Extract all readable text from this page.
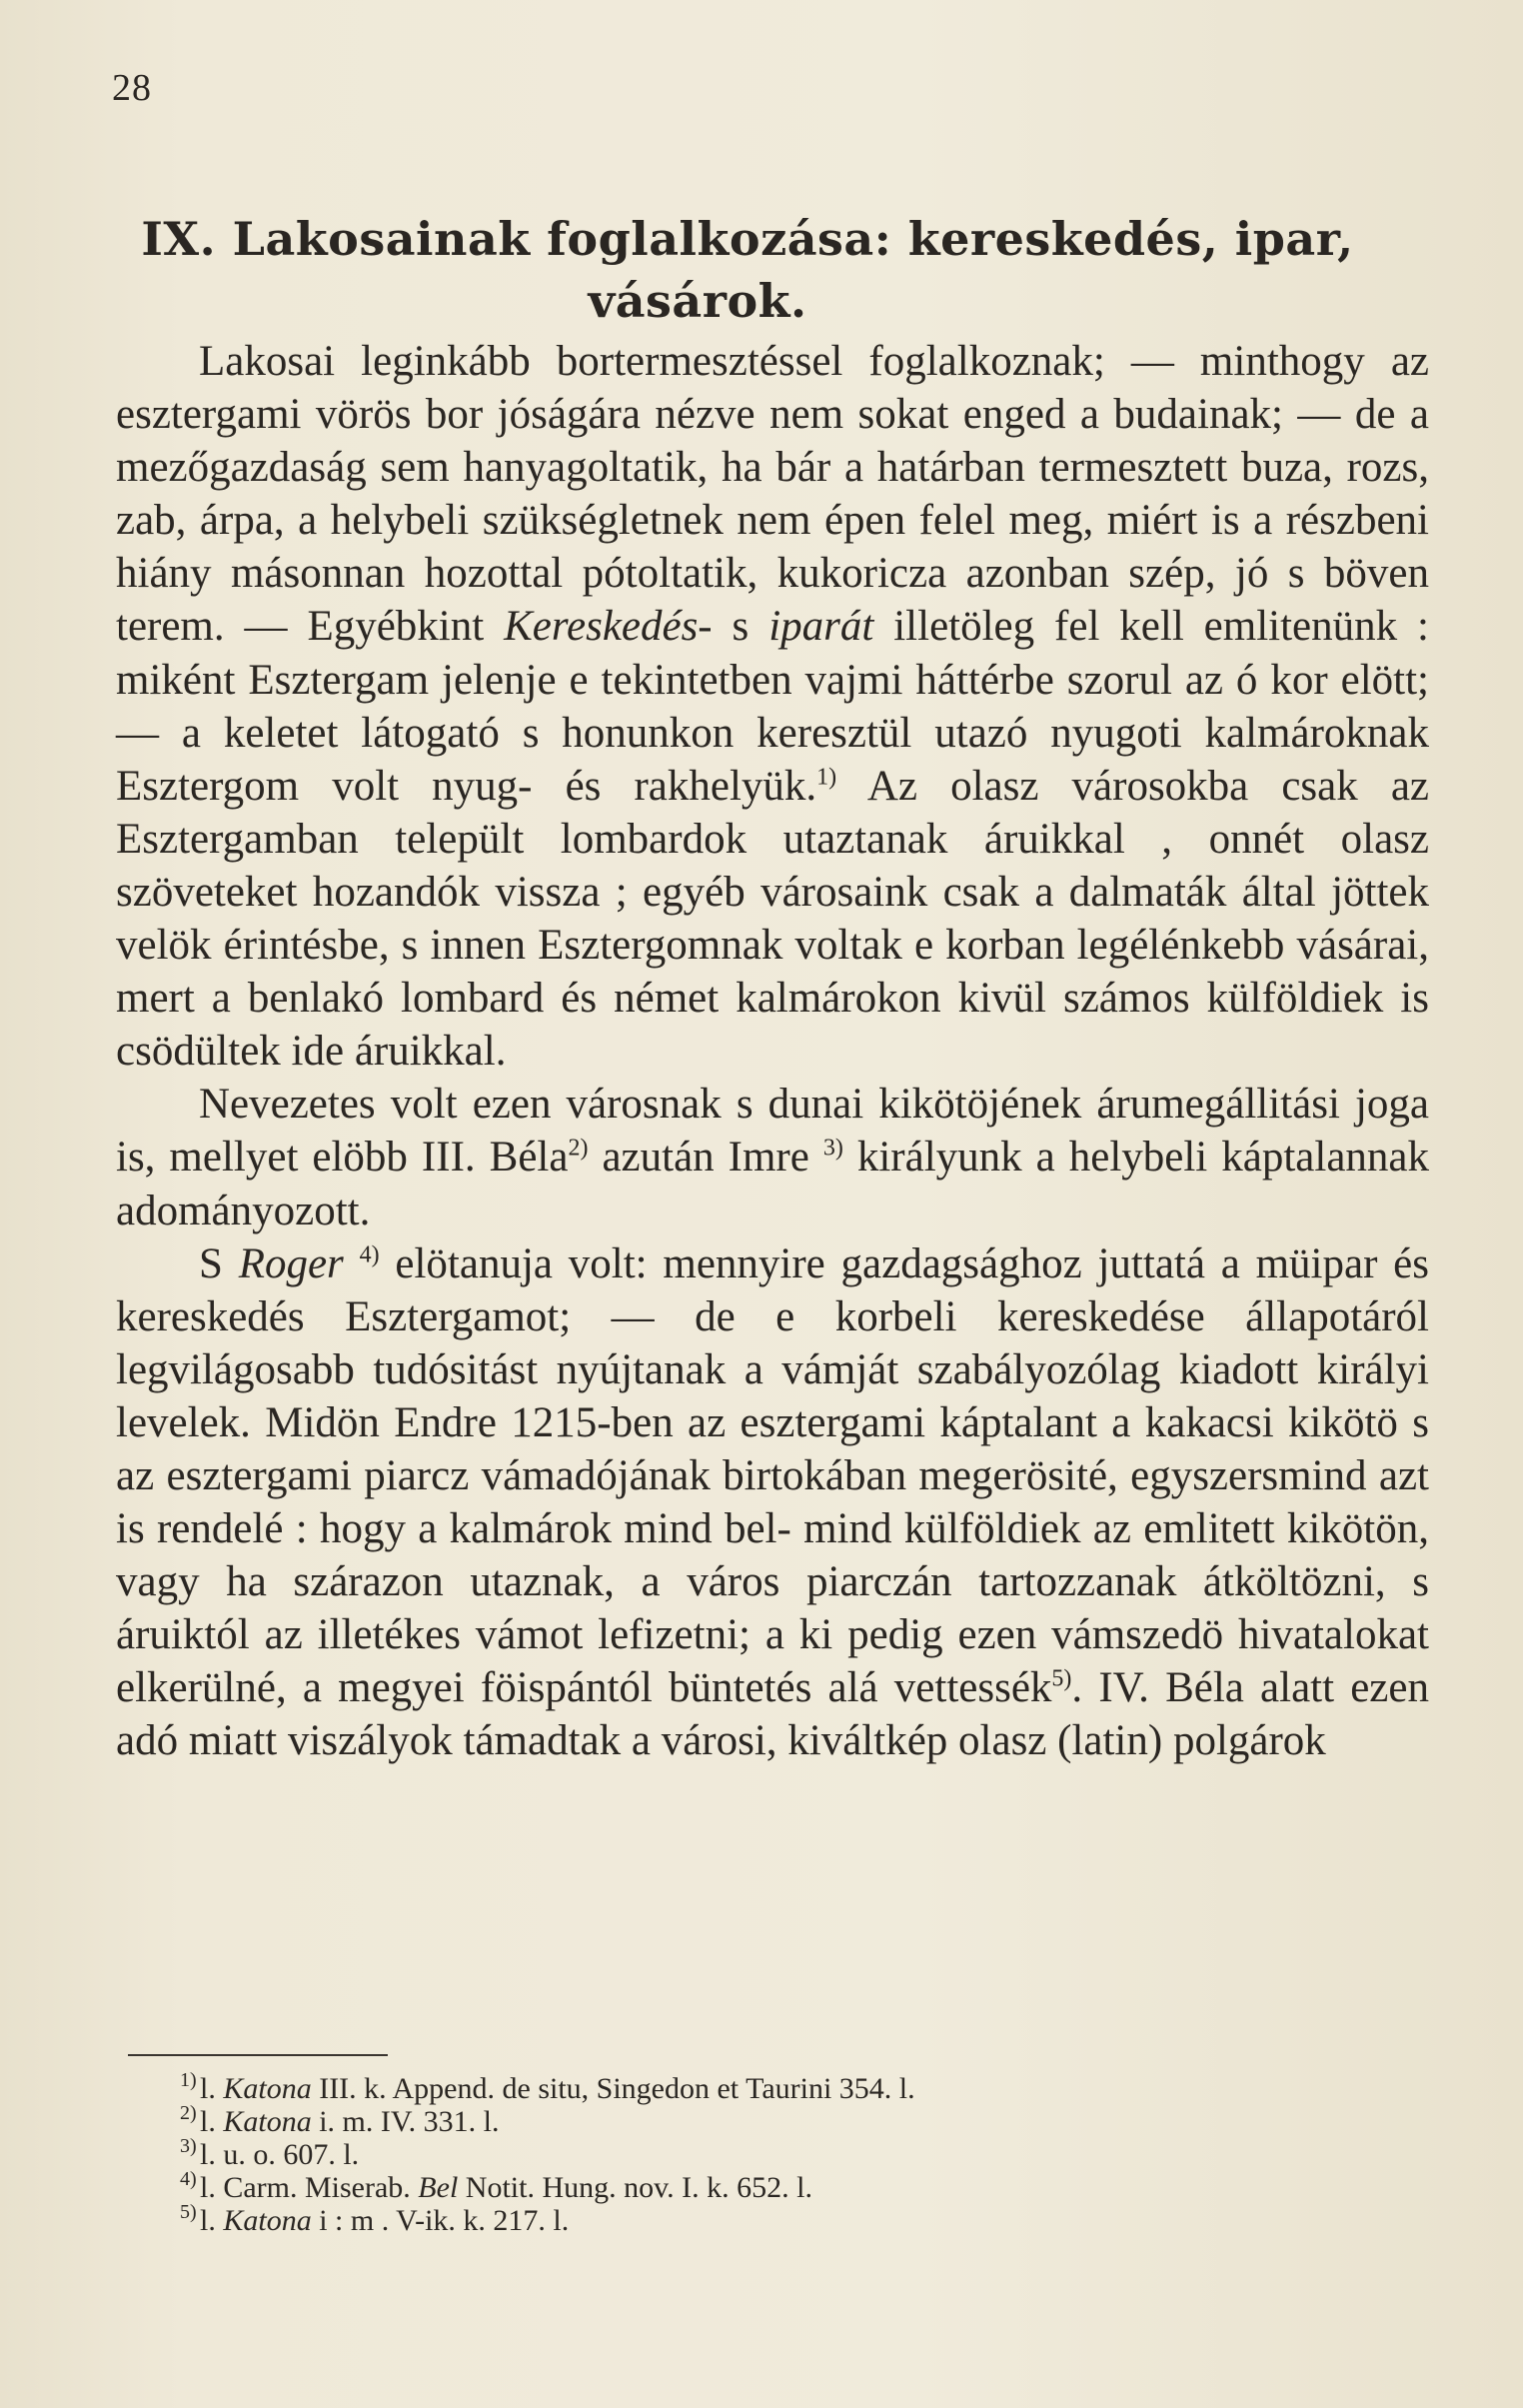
28
IX. Lakosainak foglalkozása: kereskedés, ipar,
vásárok.

Lakosai leginkább bortermesztéssel foglalkoznak; — minthogy az esztergami vörös bor jóságára nézve nem sokat enged a budainak; — de a mezőgazdaság sem hanyagoltatik, ha bár a határban termesztett buza, rozs, zab, árpa, a helybeli szükségletnek nem épen felel meg, miért is a részbeni hiány másonnan hozottal pótoltatik, kukoricza azonban szép, jó s böven terem. — Egyébkint Kereskedés- s iparát illetöleg fel kell emlitenünk : miként Esztergam jelenje e tekintetben vajmi háttérbe szorul az ó kor elött; — a keletet látogató s honunkon keresztül utazó nyugoti kalmároknak Esztergom volt nyug- és rakhelyük.$^{1)}$ Az olasz városokba csak az Esztergamban települt lombardok utaztanak áruikkal , onnét olasz szöveteket hozandók vissza ; egyéb városaink csak a dalmaták által jöttek velök érintésbe, s innen Esztergomnak voltak e korban legélénkebb vásárai, mert a benlakó lombard és német kalmárokon kivül számos külföldiek is csödültek ide áruikkal.

Nevezetes volt ezen városnak s dunai kikötöjének árumegállitási joga is, mellyet elöbb III. Béla$^{2)}$ azután Imre $^{3)}$ királyunk a helybeli káptalannak adományozott.

S Roger $^{4)}$ elötanuja volt: mennyire gazdagsághoz juttatá a müipar és kereskedés Esztergamot; — de e korbeli kereskedése állapotáról legvilágosabb tudósitást nyújtanak a vámját szabályozólag kiadott királyi levelek. Midön Endre 1215-ben az esztergami káptalant a kakacsi kikötö s az esztergami piarcz vámadójának birtokában megerösité, egyszersmind azt is rendelé : hogy a kalmárok mind bel- mind külföldiek az emlitett kikötön, vagy ha szárazon utaznak, a város piarczán tartozzanak átköltözni, s áruiktól az illetékes vámot lefizetni; a ki pedig ezen vámszedö hivatalokat elkerülné, a megyei föispántól büntetés alá vettessék$^{5)}$. IV. Béla alatt ezen adó miatt viszályok támadtak a városi, kiváltkép olasz (latin) polgárok

1) l. Katona III. k. Append. de situ, Singedon et Taurini 354. l.
2) l. Katona i. m. IV. 331. l.
3) l. u. o. 607. l.
4) l. Carm. Miserab. Bel Notit. Hung. nov. I. k. 652. l.
5) l. Katona i : m . V-ik. k. 217. l.
